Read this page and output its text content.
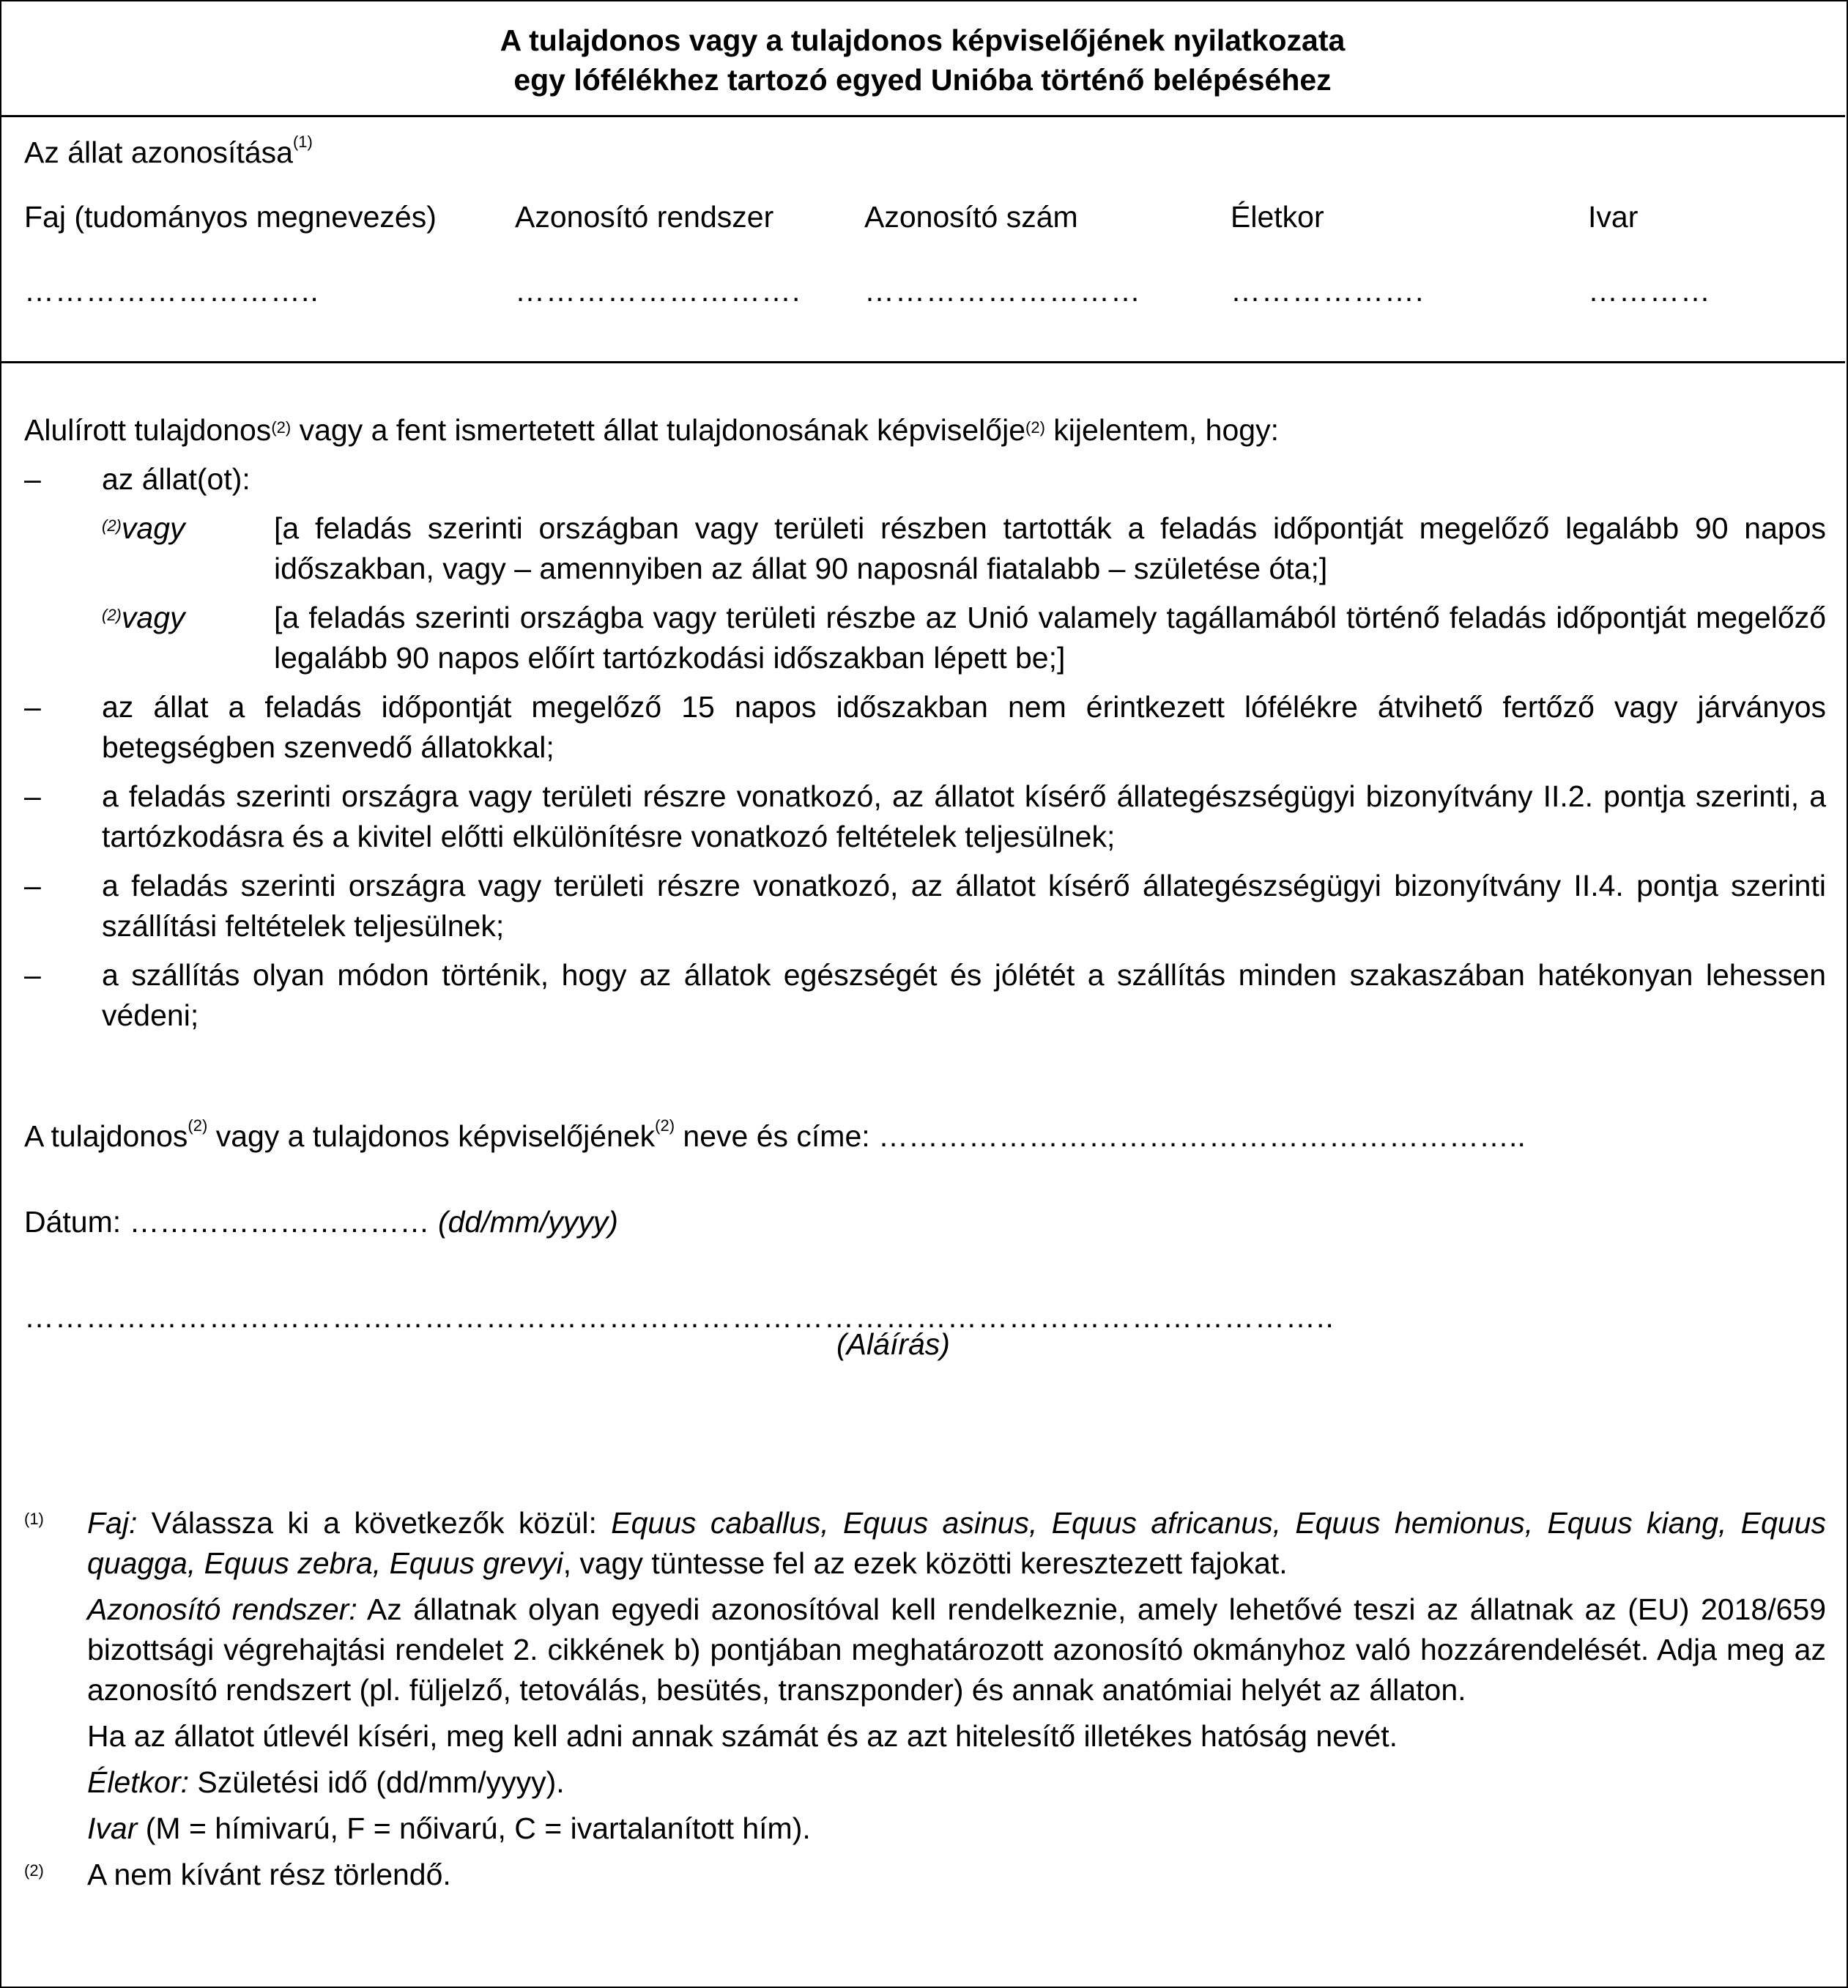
A tulajdonos vagy a tulajdonos képviselőjének nyilatkozata
egy lófélékhez tartozó egyed Unióba történő belépéséhez
Az állat azonosítása$^{(1)}$
Faj (tudományos megnevezés)
………………………..
Azonosító rendszer
……………………….
Azonosító szám
………………………
Életkor
……………….
Ivar
…………

Alulírott tulajdonos$^{(2)}$ vagy a fent ismertetett állat tulajdonosának képviselője$^{(2)}$ kijelentem, hogy:

– az állat(ot):
$^{(2)}$vagy	[a feladás szerinti országban vagy területi részben tartották a feladás időpontját megelőző legalább 90 napos időszakban, vagy – amennyiben az állat 90 naposnál fiatalabb – születése óta;]
$^{(2)}$vagy	[a feladás szerinti országba vagy területi részbe az Unió valamely tagállamából történő feladás időpontját megelőző legalább 90 napos előírt tartózkodási időszakban lépett be;]
– az állat a feladás időpontját megelőző 15 napos időszakban nem érintkezett lófélékre átvihető fertőző vagy járványos betegségben szenvedő állatokkal;
– a feladás szerinti országra vagy területi részre vonatkozó, az állatot kísérő állategészségügyi bizonyítvány II.2. pontja szerinti, a tartózkodásra és a kivitel előtti elkülönítésre vonatkozó feltételek teljesülnek;
– a feladás szerinti országra vagy területi részre vonatkozó, az állatot kísérő állategészségügyi bizonyítvány II.4. pontja szerinti szállítási feltételek teljesülnek;
– a szállítás olyan módon történik, hogy az állatok egészségét és jólétét a szállítás minden szakaszában hatékonyan lehessen védeni;
A tulajdonos$^{(2)}$ vagy a tulajdonos képviselőjének$^{(2)}$ neve és címe: ………………………………………………………..
Dátum: ………………………… (dd/mm/yyyy)
………………………………………………………………………………………………………………..
(Aláírás)
(1) Faj: Válassza ki a következők közül: Equus caballus, Equus asinus, Equus africanus, Equus hemionus, Equus kiang, Equus quagga, Equus zebra, Equus grevyi, vagy tüntesse fel az ezek közötti keresztezett fajokat.

Azonosító rendszer: Az állatnak olyan egyedi azonosítóval kell rendelkeznie, amely lehetővé teszi az állatnak az (EU) 2018/659 bizottsági végrehajtási rendelet 2. cikkének b) pontjában meghatározott azonosító okmányhoz való hozzárendelését. Adja meg az azonosító rendszert (pl. füljelző, tetoválás, besütés, transzponder) és annak anatómiai helyét az állaton.

Ha az állatot útlevél kíséri, meg kell adni annak számát és az azt hitelesítő illetékes hatóság nevét.

Életkor: Születési idő (dd/mm/yyyy).

Ivar (M = hímivarú, F = nőivarú, C = ivartalanított hím).

(2) A nem kívánt rész törlendő.
